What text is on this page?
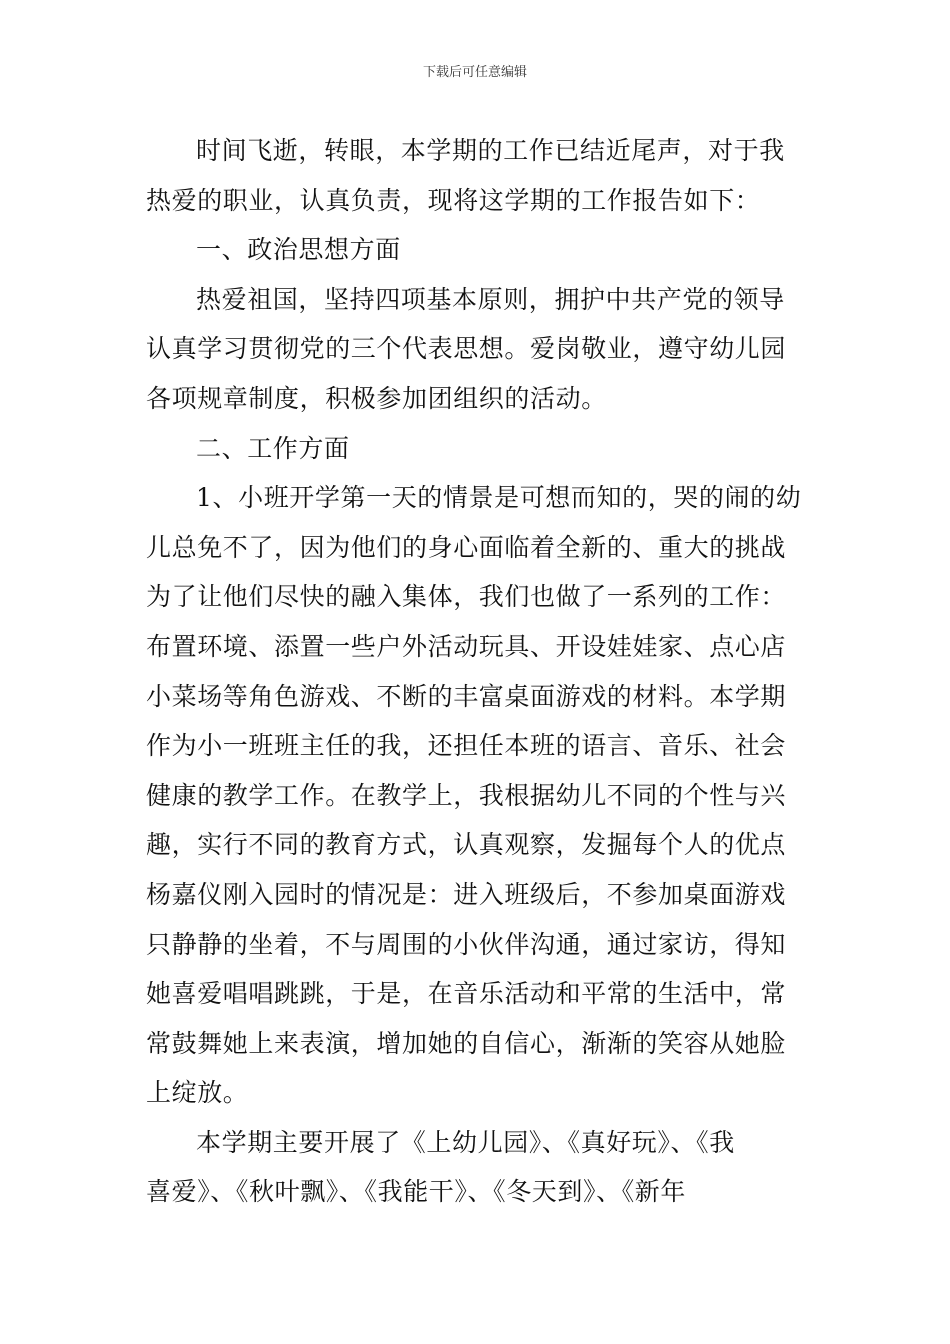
下载后可任意编辑
时间飞逝，转眼，本学期的工作已结近尾声，对于我
热爱的职业，认真负责，现将这学期的工作报告如下：
一、政治思想方面
热爱祖国，坚持四项基本原则，拥护中共产党的领导
认真学习贯彻党的三个代表思想。爱岗敬业，遵守幼儿园
各项规章制度，积极参加团组织的活动。
二、工作方面
1、小班开学第一天的情景是可想而知的，哭的闹的幼
儿总免不了，因为他们的身心面临着全新的、重大的挑战
为了让他们尽快的融入集体，我们也做了一系列的工作：
布置环境、添置一些户外活动玩具、开设娃娃家、点心店
小菜场等角色游戏、不断的丰富桌面游戏的材料。本学期
作为小一班班主任的我，还担任本班的语言、音乐、社会
健康的教学工作。在教学上，我根据幼儿不同的个性与兴
趣，实行不同的教育方式，认真观察，发掘每个人的优点
杨嘉仪刚入园时的情况是：进入班级后，不参加桌面游戏
只静静的坐着，不与周围的小伙伴沟通，通过家访，得知
她喜爱唱唱跳跳，于是，在音乐活动和平常的生活中，常
常鼓舞她上来表演，增加她的自信心，渐渐的笑容从她脸
上绽放。
本学期主要开展了《上幼儿园》、《真好玩》、《我
喜爱》、《秋叶飘》、《我能干》、《冬天到》、《新年
